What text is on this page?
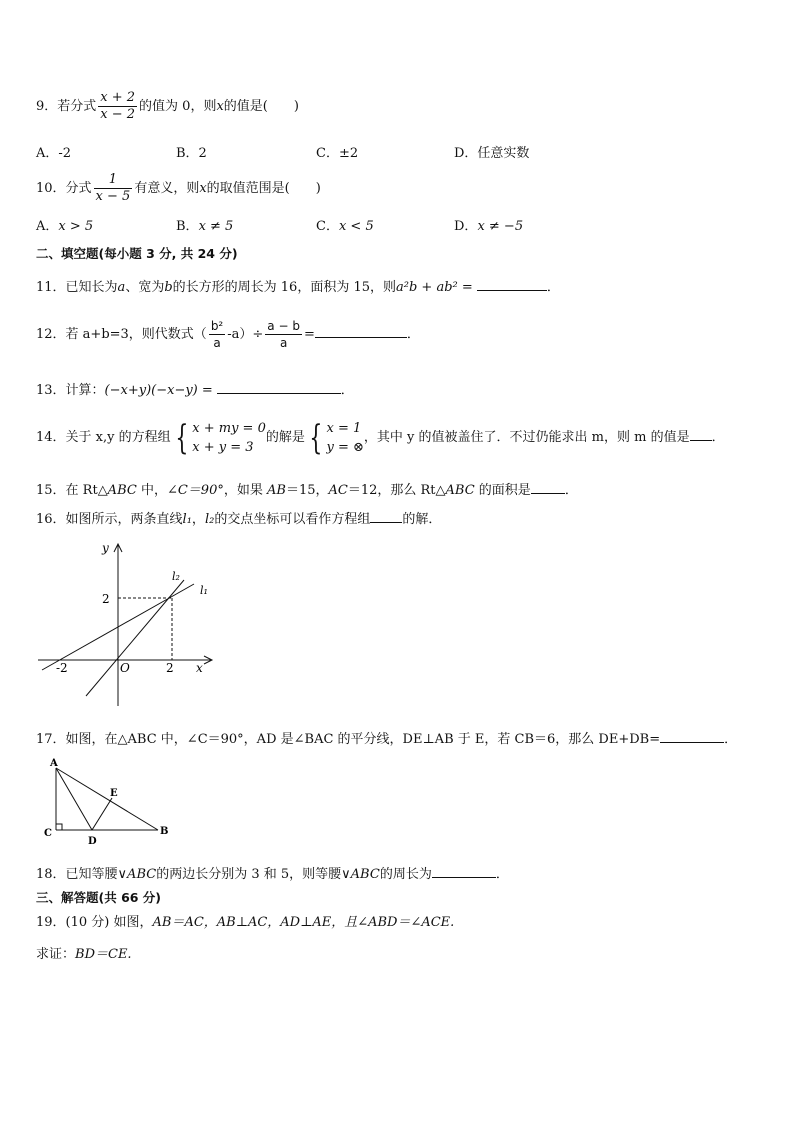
9．若分式 $\frac{x + 2}{x - 2}$ 的值为 0，则x的值是(　　)
A．-2	B．2	C．±2	D．任意实数
10．分式 $\frac{1}{x - 5}$ 有意义，则x的取值范围是(　　)
A．x > 5	B．x ≠ 5	C．x < 5	D．x ≠ −5
二、填空题(每小题 3 分, 共 24 分)
11．已知长为a、宽为b的长方形的周长为 16，面积为 15，则a²b + ab² =	．
12．若 a+b=3，则代数式（ $\frac{\text{b²}}{a} -a)\div \frac{a - b}{a}$ =	．
13．计算：(−x+y)(−x−y) =	．
14．关于 x,y 的方程组 { x + my = 0
x + y = 3
的解是 { x = 1
y = ⊗
，其中 y 的值被盖住了．不过仍能求出 m，则 m 的值是 ．
15．在 Rt△ABC 中，∠C＝90°，如果 AB＝15，AC＝12，那么 Rt△ABC 的面积是	．
16．如图所示，两条直线l₁，l₂的交点坐标可以看作方程组 的解．
y
x
O
-2	2
2
l₂
l₁
17．如图，在△ABC 中，∠C＝90°，AD 是∠BAC 的平分线，DE⊥AB 于 E，若 CB＝6，那么 DE+DB=	．
A
C
D
B
E
18．已知等腰∨ABC的两边长分别为 3 和 5，则等腰∨ABC的周长为	．
三、解答题(共 66 分)
19．(10 分) 如图，AB＝AC，AB⊥AC，AD⊥AE，且∠ABD＝∠ACE.
求证：BD＝CE.
